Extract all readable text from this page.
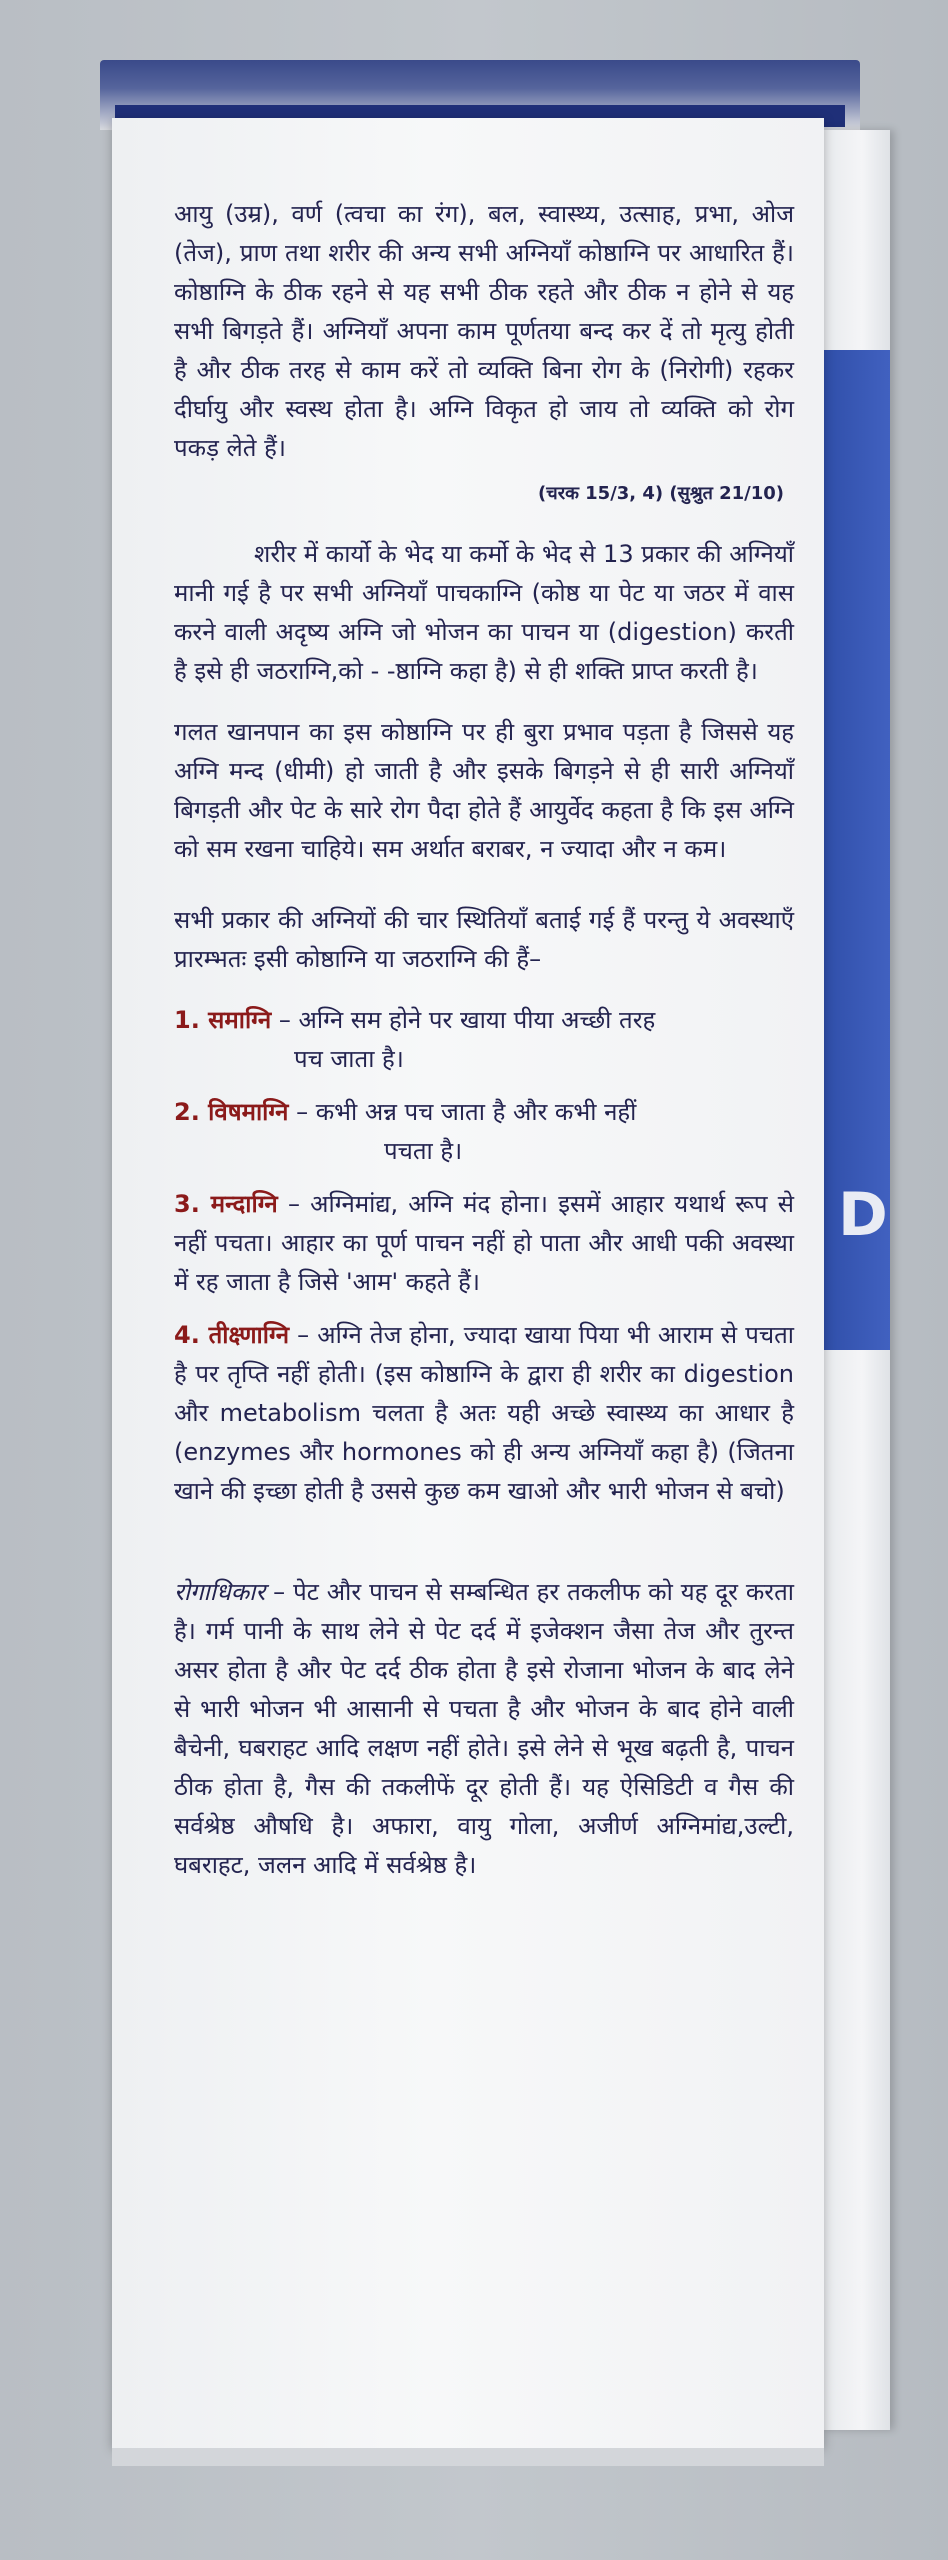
D

आयु (उम्र), वर्ण (त्वचा का रंग), बल, स्वास्थ्य, उत्साह, प्रभा, ओज (तेज), प्राण तथा शरीर की अन्य सभी अग्नियाँ कोष्ठाग्नि पर आधारित हैं। कोष्ठाग्नि के ठीक रहने से यह सभी ठीक रहते और ठीक न होने से यह सभी बिगड़ते हैं। अग्नियाँ अपना काम पूर्णतया बन्द कर दें तो मृत्यु होती है और ठीक तरह से काम करें तो व्यक्ति बिना रोग के (निरोगी) रहकर दीर्घायु और स्वस्थ होता है। अग्नि विकृत हो जाय तो व्यक्ति को रोग पकड़ लेते हैं।

(चरक 15/3, 4) (सुश्रुत 21/10)

शरीर में कार्यो के भेद या कर्मो के भेद से 13 प्रकार की अग्नियाँ मानी गई है पर सभी अग्नियाँ पाचकाग्नि (कोष्ठ या पेट या जठर में वास करने वाली अदृष्य अग्नि जो भोजन का पाचन या (digestion) करती है इसे ही जठराग्नि,को - -ष्ठाग्नि कहा है) से ही शक्ति प्राप्त करती है।

गलत खानपान का इस कोष्ठाग्नि पर ही बुरा प्रभाव पड़ता है जिससे यह अग्नि मन्द (धीमी) हो जाती है और इसके बिगड़ने से ही सारी अग्नियाँ बिगड़ती और पेट के सारे रोग पैदा होते हैं आयुर्वेद कहता है कि इस अग्नि को सम रखना चाहिये। सम अर्थात बराबर, न ज्यादा और न कम।

सभी प्रकार की अग्नियों की चार स्थितियाँ बताई गई हैं परन्तु ये अवस्थाएँ प्रारम्भतः इसी कोष्ठाग्नि या जठराग्नि की हैं–

1. समाग्नि – अग्नि सम होने पर खाया पीया अच्छी तरह
पच जाता है।
2. विषमाग्नि – कभी अन्न पच जाता है और कभी नहीं
पचता है।
3. मन्दाग्नि – अग्निमांद्य, अग्नि मंद होना। इसमें आहार यथार्थ रूप से नहीं पचता। आहार का पूर्ण पाचन नहीं हो पाता और आधी पकी अवस्था में रह जाता है जिसे 'आम' कहते हैं।
4. तीक्ष्णाग्नि – अग्नि तेज होना, ज्यादा खाया पिया भी आराम से पचता है पर तृप्ति नहीं होती। (इस कोष्ठाग्नि के द्वारा ही शरीर का digestion और metabolism चलता है अतः यही अच्छे स्वास्थ्य का आधार है (enzymes और hormones को ही अन्य अग्नियाँ कहा है) (जितना खाने की इच्छा होती है उससे कुछ कम खाओ और भारी भोजन से बचो)

रोगाधिकार – पेट और पाचन से सम्बन्धित हर तकलीफ को यह दूर करता है। गर्म पानी के साथ लेने से पेट दर्द में इजेक्शन जैसा तेज और तुरन्त असर होता है और पेट दर्द ठीक होता है इसे रोजाना भोजन के बाद लेने से भारी भोजन भी आसानी से पचता है और भोजन के बाद होने वाली बैचेनी, घबराहट आदि लक्षण नहीं होते। इसे लेने से भूख बढ़ती है, पाचन ठीक होता है, गैस की तकलीफें दूर होती हैं। यह ऐसिडिटी व गैस की सर्वश्रेष्ठ औषधि है। अफारा, वायु गोला, अजीर्ण अग्निमांद्य,उल्टी, घबराहट, जलन आदि में सर्वश्रेष्ठ है।
